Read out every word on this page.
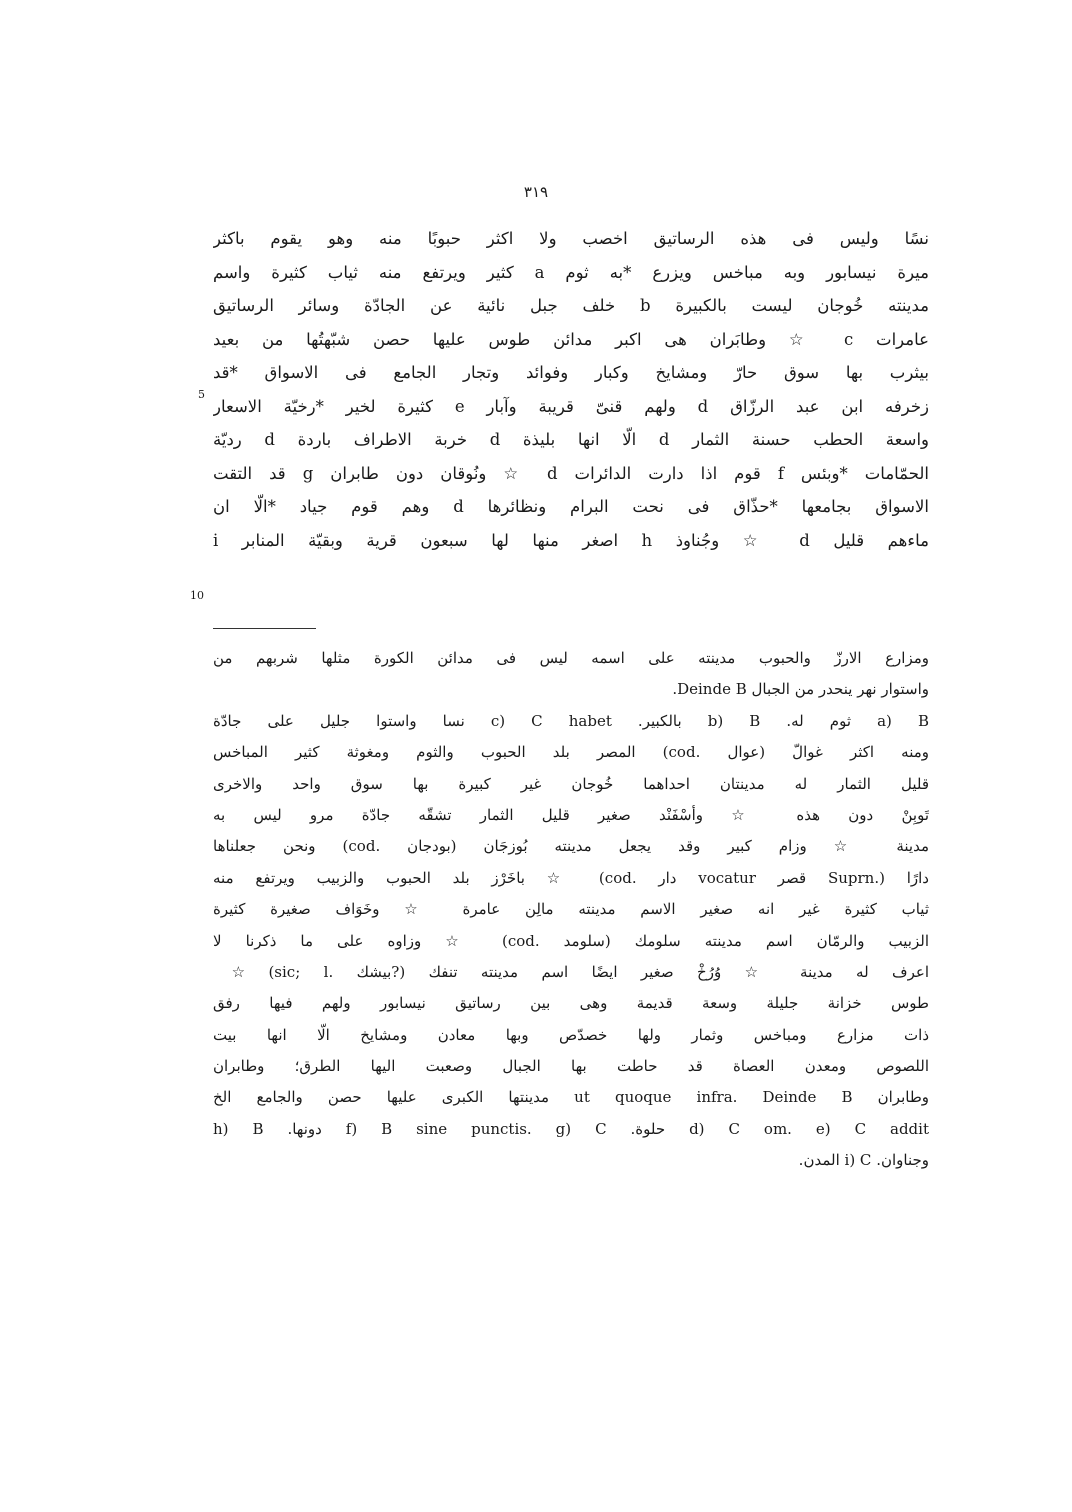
٣١٩
نسًا وليس فى هذه الرساتيق اخصب ولا اكثر حبوبًا منه وهو يقوم باكثر
ميرة نيسابور وبه مباخس ويزرع *به ثوم a كثير ويرتفع منه ثياب كثيرة واسم
مدينته خُوجان ليست بالكبيرة b خلف جبل نائية عن الجادّة وسائر الرساتيق
عامرات c ☆ وطابَران هى اكبر مدائن طوس عليها حصن شبّهتُها من بعيد
بيثرب بها سوق حارّ ومشايخ وكبار وفوائد وتجار الجامع فى الاسواق *قد
زخرفه ابن عبد الرزّاق d ولهم قنىّ قريبة وآبار e كثيرة لخير *رخيّة الاسعار
واسعة الحطب حسنة الثمار d الّا انها بليذة d خربة الاطراف باردة d رديّة
الحمّامات *وبئس f قوم اذا دارت الدائرات d ☆ ونُوقان دون طابران g قد التقت
الاسواق بجامعها *حذّاق فى نحت البرام ونظائرها d وهم قوم جياد *الّا ان
ماءهم قليل d ☆ وجُناوذ h اصغر منها لها سبعون قرية وبقيّة المنابر i
5
10
ومزارع الارزّ والحبوب مدينته على اسمه ليس فى مدائن الكورة مثلها شربهم من
واستوار نهر ينحدر من الجبال Deinde B.
a) B ثوم له. b) B بالكبير. c) C habet نسا واستوا جليل على جادّة
ومنه اكثر غوالّ (عوال .cod) المصر بلد الحبوب والثوم ومغوثة كثير المباخس
قليل الثمار له مدينتان احداهما خُوجان غير كبيرة بها سوق واحد والاخرى
تَوبِنْ دون هذه ☆ وأسْفَنْد صغير قليل الثمار تشقّه جادّة مرو ليس به
مدينة ☆ وزام كبير وقد يجعل مدينته بُوزجَان (بودجان .cod) ونحن جعلناها
دارًا (.Suprn قصر vocatur دار .cod) ☆ باخَرْز بلد الحبوب والزبيب ويرتفع منه
ثياب كثيرة غير انه صغير الاسم مدينته مالِن عامرة ☆ وخَوَاف صغيرة كثيرة
الزبيب والرمّان اسم مدينته سلومك (سلومد .cod) ☆ وزاوه على ما ذكرنا لا
اعرف له مدينة ☆ وُرُخْ صغير ايضًا اسم مدينته تنفك (?بيشك .sic; l) ☆
طوس خزانة جليلة وسعة قديمة وهى بين رساتيق نيسابور ولهم فيها رفق
ذات مزارع ومباخس وثمار ولها خصدّص وبها معادن ومشايخ الّا انها بيت
اللصوص ومعدن العصاة قد حاطت بها الجبال وصعبت اليها الطرق؛ وطابران
وطابران ut quoque infra. Deinde B مدينتها الكبرى عليها حصن والجامع الخ
d) C om. e) C addit حلوة. f) B sine punctis. g) C دونها. h) B
وجناوان. i) C المدن.
